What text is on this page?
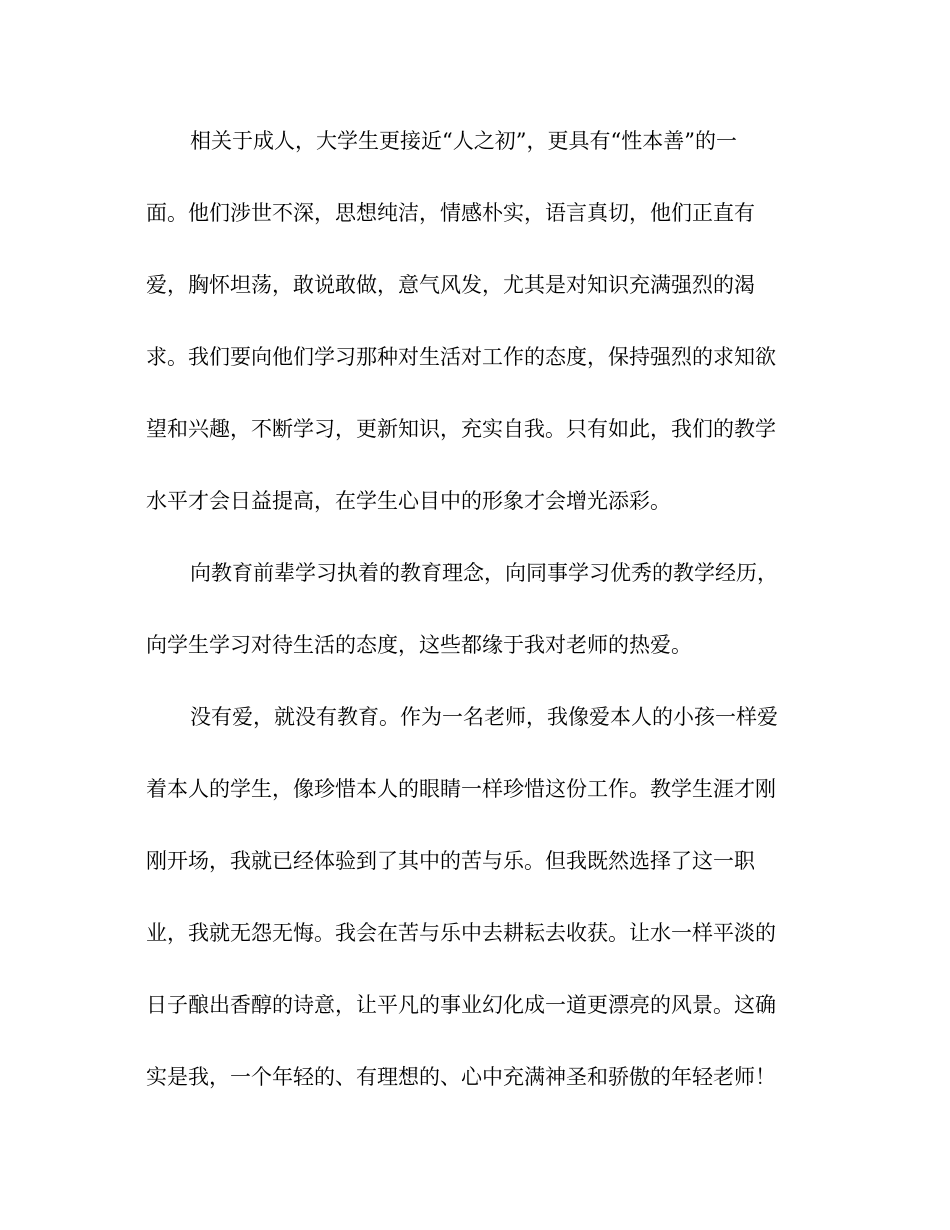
相关于成人，大学生更接近“人之初”，更具有“性本善”的一
面。他们涉世不深，思想纯洁，情感朴实，语言真切，他们正直有
爱，胸怀坦荡，敢说敢做，意气风发，尤其是对知识充满强烈的渴
求。我们要向他们学习那种对生活对工作的态度，保持强烈的求知欲
望和兴趣，不断学习，更新知识，充实自我。只有如此，我们的教学
水平才会日益提高，在学生心目中的形象才会增光添彩。
向教育前辈学习执着的教育理念，向同事学习优秀的教学经历，
向学生学习对待生活的态度，这些都缘于我对老师的热爱。
没有爱，就没有教育。作为一名老师，我像爱本人的小孩一样爱
着本人的学生，像珍惜本人的眼睛一样珍惜这份工作。教学生涯才刚
刚开场，我就已经体验到了其中的苦与乐。但我既然选择了这一职
业，我就无怨无悔。我会在苦与乐中去耕耘去收获。让水一样平淡的
日子酿出香醇的诗意，让平凡的事业幻化成一道更漂亮的风景。这确
实是我，一个年轻的、有理想的、心中充满神圣和骄傲的年轻老师！
